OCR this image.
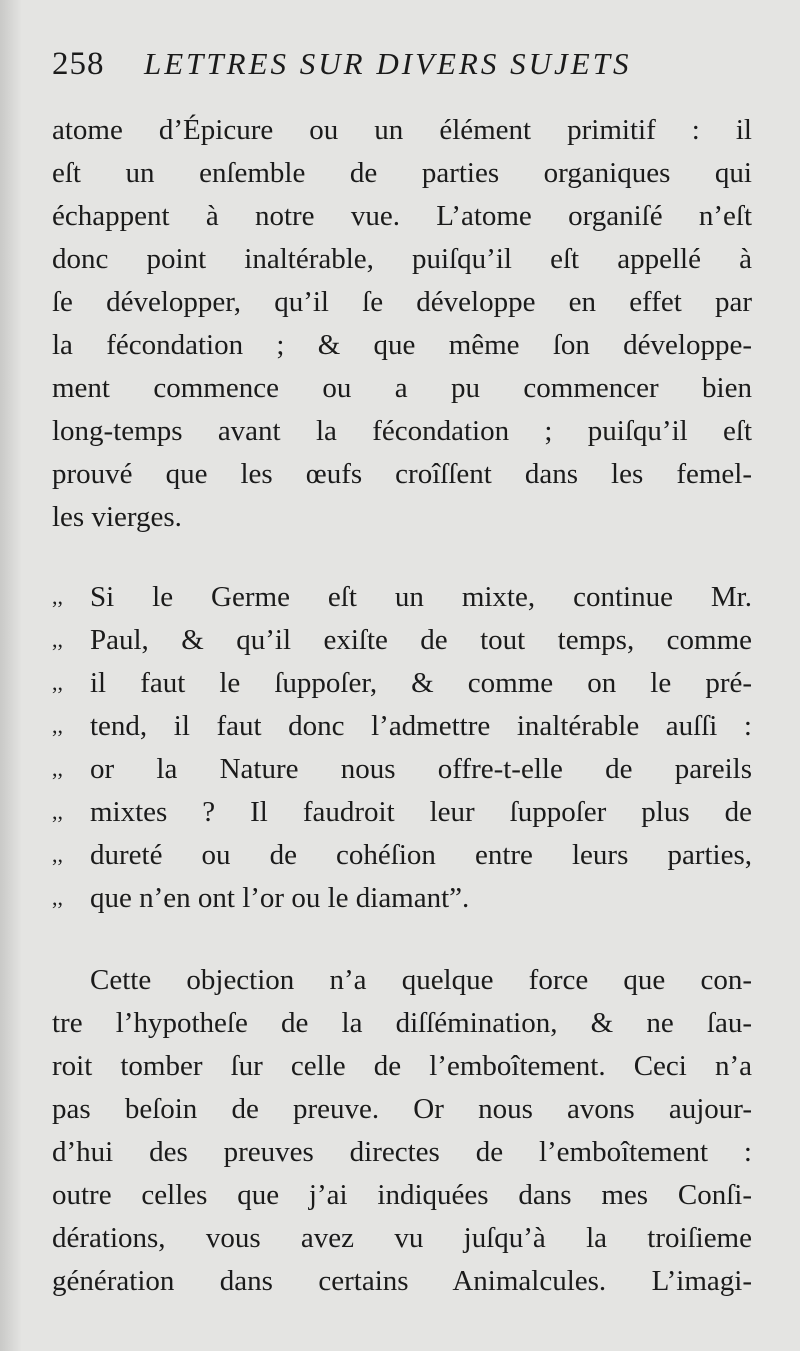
258 LETTRES SUR DIVERS SUJETS
atome d’Épicure ou un élément primitif : il
eſt un enſemble de parties organiques qui
échappent à notre vue. L’atome organiſé n’eſt
donc point inaltérable, puiſqu’il eſt appellé à
ſe développer, qu’il ſe développe en effet par
la fécondation ; & que même ſon développe-
ment commence ou a pu commencer bien
long-temps avant la fécondation ; puiſqu’il eſt
prouvé que les œufs croîſſent dans les femel-
les vierges.
,, Si le Germe eſt un mixte, continue Mr.
,, Paul, & qu’il exiſte de tout temps, comme
,, il faut le ſuppoſer, & comme on le pré-
,, tend, il faut donc l’admettre inaltérable auſſi :
,, or la Nature nous offre-t-elle de pareils
,, mixtes ? Il faudroit leur ſuppoſer plus de
,, dureté ou de cohéſion entre leurs parties,
,, que n’en ont l’or ou le diamant”.
Cette objection n’a quelque force que con-
tre l’hypotheſe de la diſſémination, & ne ſau-
roit tomber ſur celle de l’emboîtement. Ceci n’a
pas beſoin de preuve. Or nous avons aujour-
d’hui des preuves directes de l’emboîtement :
outre celles que j’ai indiquées dans mes Conſi-
dérations, vous avez vu juſqu’à la troiſieme
génération dans certains Animalcules. L’imagi-
